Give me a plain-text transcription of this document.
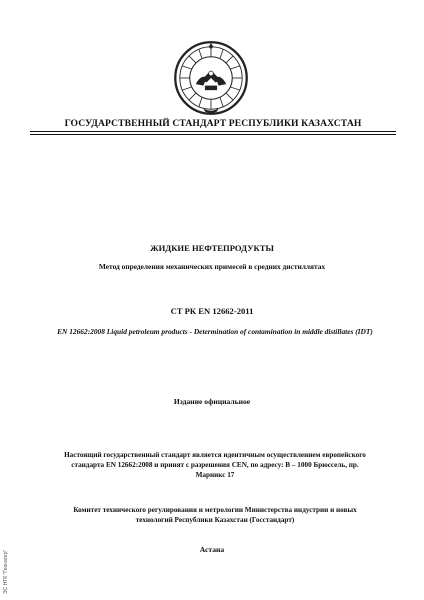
ГОСУДАРСТВЕННЫЙ СТАНДАРТ РЕСПУБЛИКИ КАЗАХСТАН
ЖИДКИЕ НЕФТЕПРОДУКТЫ
Метод определения механических примесей в средних дистиллятах
СТ РК EN 12662-2011
EN 12662:2008 Liquid petroleum products - Determination of contamination in middle distillates (IDT)
Издание официальное
Настоящий государственный стандарт является идентичным осуществлением европейского стандарта EN 12662:2008 и принят с разрешения CEN, по адресу: B – 1000 Брюссель, пр. Марникс 17
Комитет технического регулирования и метрологии Министерства индустрии и новых технологий Республики Казахстан (Госстандарт)
Астана
ЭС НТК "Геонатер"
